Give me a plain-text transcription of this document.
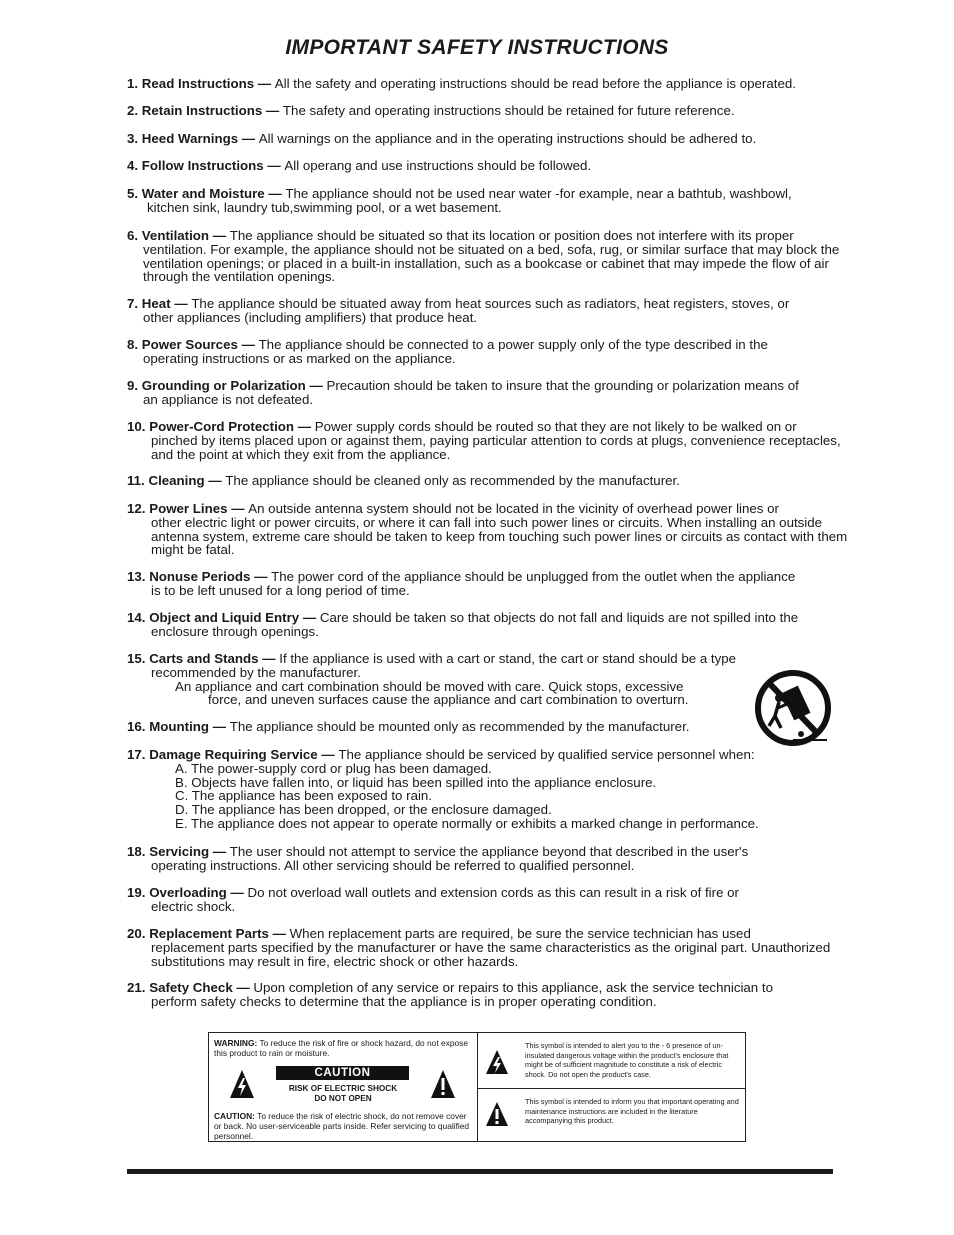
IMPORTANT SAFETY INSTRUCTIONS
1. Read Instructions — All the safety and operating instructions should be read before the appliance is operated.
2. Retain Instructions — The safety and operating instructions should be retained for future reference.
3. Heed Warnings — All warnings on the appliance and in the operating instructions should be adhered to.
4. Follow Instructions — All operang and use instructions should be followed.
5. Water and Moisture — The appliance should not be used near water -for example, near a bathtub, washbowl,
kitchen sink, laundry tub,swimming pool, or a wet basement.
6. Ventilation — The appliance should be situated so that its location or position does not interfere with its proper
ventilation. For example, the appliance should not be situated on a bed, sofa, rug, or similar surface that may block the ventilation openings; or placed in a built-in installation, such as a bookcase or cabinet that may impede the flow of air through the ventilation openings.
7. Heat — The appliance should be situated away from heat sources such as radiators, heat registers, stoves, or
other appliances (including amplifiers) that produce heat.
8. Power Sources — The appliance should be connected to a power supply only of the type described in the
operating instructions or as marked on the appliance.
9. Grounding or Polarization — Precaution should be taken to insure that the grounding or polarization means of
an appliance is not defeated.
10. Power-Cord Protection — Power supply cords should be routed so that they are not likely to be walked on or
pinched by items placed upon or against them, paying particular attention to cords at plugs, convenience receptacles, and the point at which they exit from the appliance.
11. Cleaning — The appliance should be cleaned only as recommended by the manufacturer.
12. Power Lines — An outside antenna system should not be located in the vicinity of overhead power lines or
other electric light or power circuits, or where it can fall into such power lines or circuits. When installing an outside antenna system, extreme care should be taken to keep from touching such power lines or circuits as contact with them might be fatal.
13. Nonuse Periods — The power cord of the appliance should be unplugged from the outlet when the appliance
is to be left unused for a long period of time.
14. Object and Liquid Entry — Care should be taken so that objects do not fall and liquids are not spilled into the
enclosure through openings.
15. Carts and Stands — If the appliance is used with a cart or stand, the cart or stand should be a type
recommended by the manufacturer.
An appliance and cart combination should be moved with care. Quick stops, excessive
force, and uneven surfaces cause the appliance and cart combination to overturn.
16. Mounting — The appliance should be mounted only as recommended by the manufacturer.
17. Damage Requiring Service — The appliance should be serviced by qualified service personnel when:
A. The power-supply cord or plug has been damaged.
B. Objects have fallen into, or liquid has been spilled into the appliance enclosure.
C. The appliance has been exposed to rain.
D. The appliance has been dropped, or the enclosure damaged.
E. The appliance does not appear to operate normally or exhibits a marked change in performance.
18. Servicing — The user should not attempt to service the appliance beyond that described in the user's
operating instructions. All other servicing should be referred to qualified personnel.
19. Overloading — Do not overload wall outlets and extension cords as this can result in a risk of fire or
electric shock.
20. Replacement Parts — When replacement parts are required, be sure the service technician has used
replacement parts specified by the manufacturer or have the same characteristics as the original part. Unauthorized substitutions may result in fire, electric shock or other hazards.
21. Safety Check — Upon completion of any service or repairs to this appliance, ask the service technician to
perform safety checks to determine that the appliance is in proper operating condition.
WARNING: To reduce the risk of fire or shock hazard, do not expose this product to rain or moisture.
CAUTION
RISK OF ELECTRIC SHOCK
DO NOT OPEN
CAUTION: To reduce the risk of electric shock, do not remove cover or back. No user-serviceable parts inside. Refer servicing to qualified personnel.
This symbol is intended to alert you to the - 6 presence of un-insulated dangerous voltage within the product's enclosure that might be of sufficient magnitude to constitute a risk of electric shock. Do not open the product's case.
This symbol is intended to inform you that important operating and maintenance instructions are included in the literature accompanying this product.
